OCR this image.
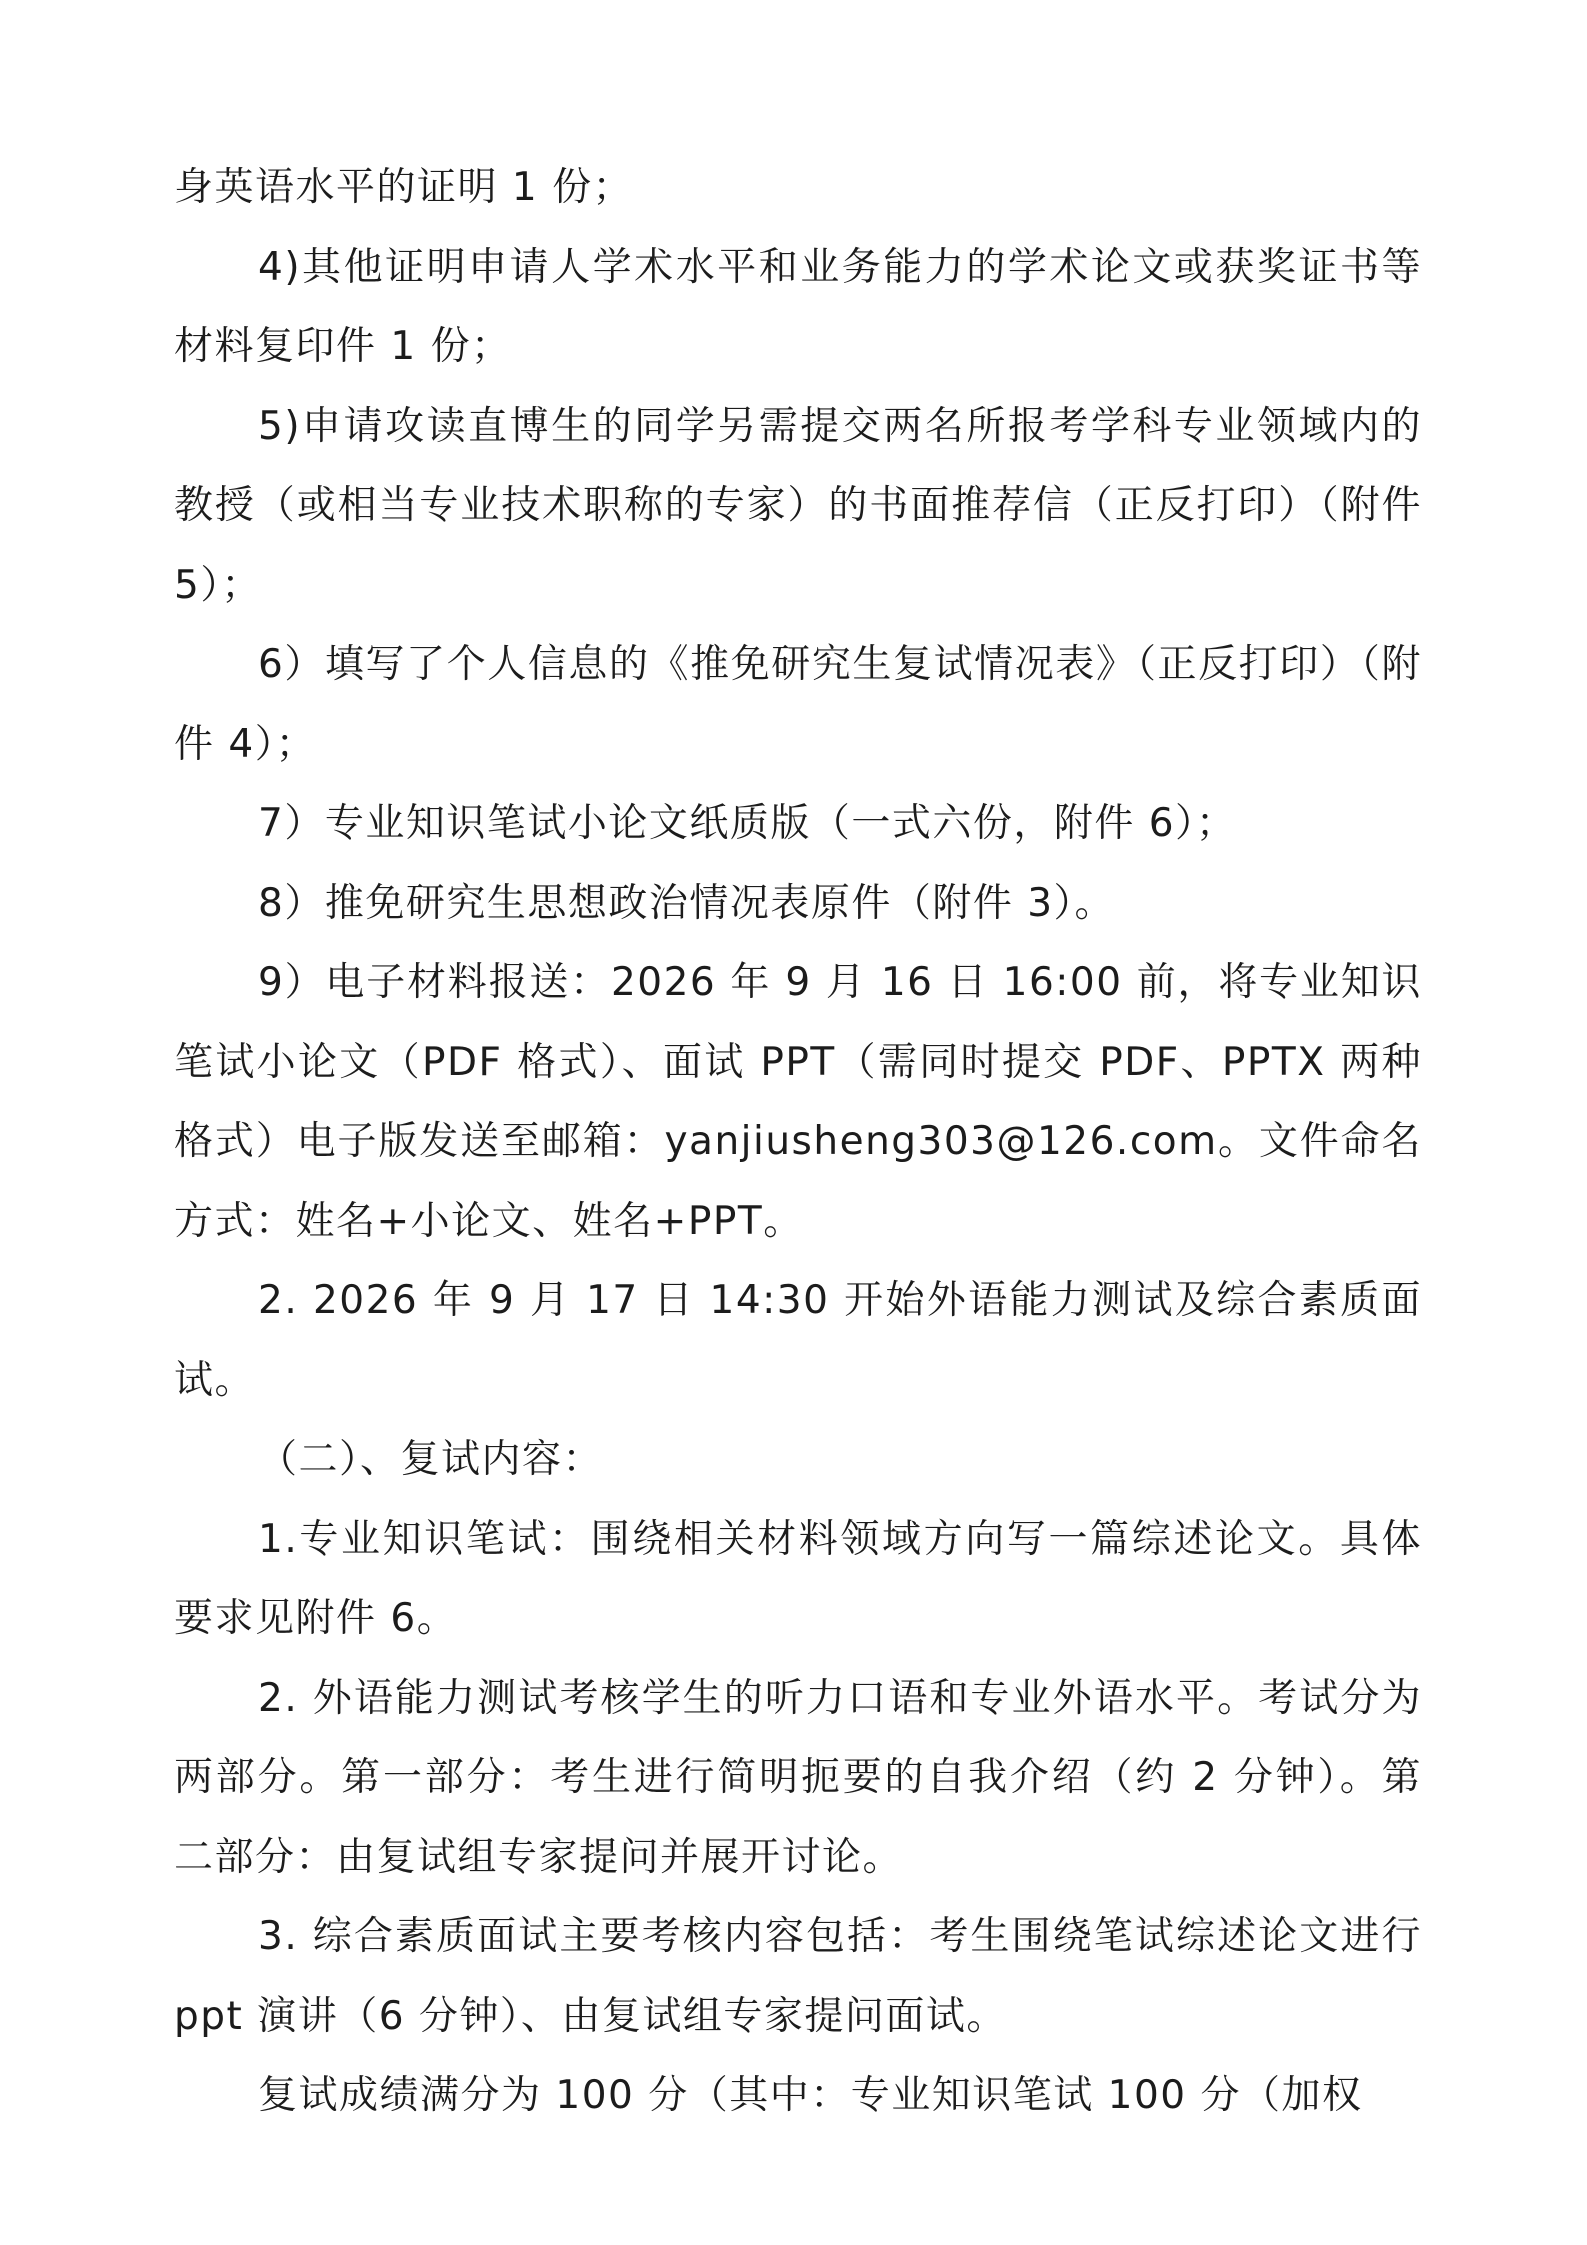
身英语水平的证明 1 份；

4)其他证明申请人学术水平和业务能力的学术论文或获奖证书等材料复印件 1 份；

5)申请攻读直博生的同学另需提交两名所报考学科专业领域内的教授（或相当专业技术职称的专家）的书面推荐信（正反打印）（附件 5）；

6）填写了个人信息的《推免研究生复试情况表》（正反打印）（附件 4）；

7）专业知识笔试小论文纸质版（一式六份，附件 6）；

8）推免研究生思想政治情况表原件（附件 3）。

9）电子材料报送：2026 年 9 月 16 日 16:00 前，将专业知识笔试小论文（PDF 格式）、面试 PPT（需同时提交 PDF、PPTX 两种格式）电子版发送至邮箱：yanjiusheng303@126.com。文件命名方式：姓名+小论文、姓名+PPT。

2. 2026 年 9 月 17 日 14:30 开始外语能力测试及综合素质面试。

（二）、复试内容：

1.专业知识笔试：围绕相关材料领域方向写一篇综述论文。具体要求见附件 6。

2. 外语能力测试考核学生的听力口语和专业外语水平。考试分为两部分。第一部分：考生进行简明扼要的自我介绍（约 2 分钟）。第二部分：由复试组专家提问并展开讨论。

3. 综合素质面试主要考核内容包括：考生围绕笔试综述论文进行 ppt 演讲（6 分钟）、由复试组专家提问面试。

复试成绩满分为 100 分（其中：专业知识笔试 100 分（加权
